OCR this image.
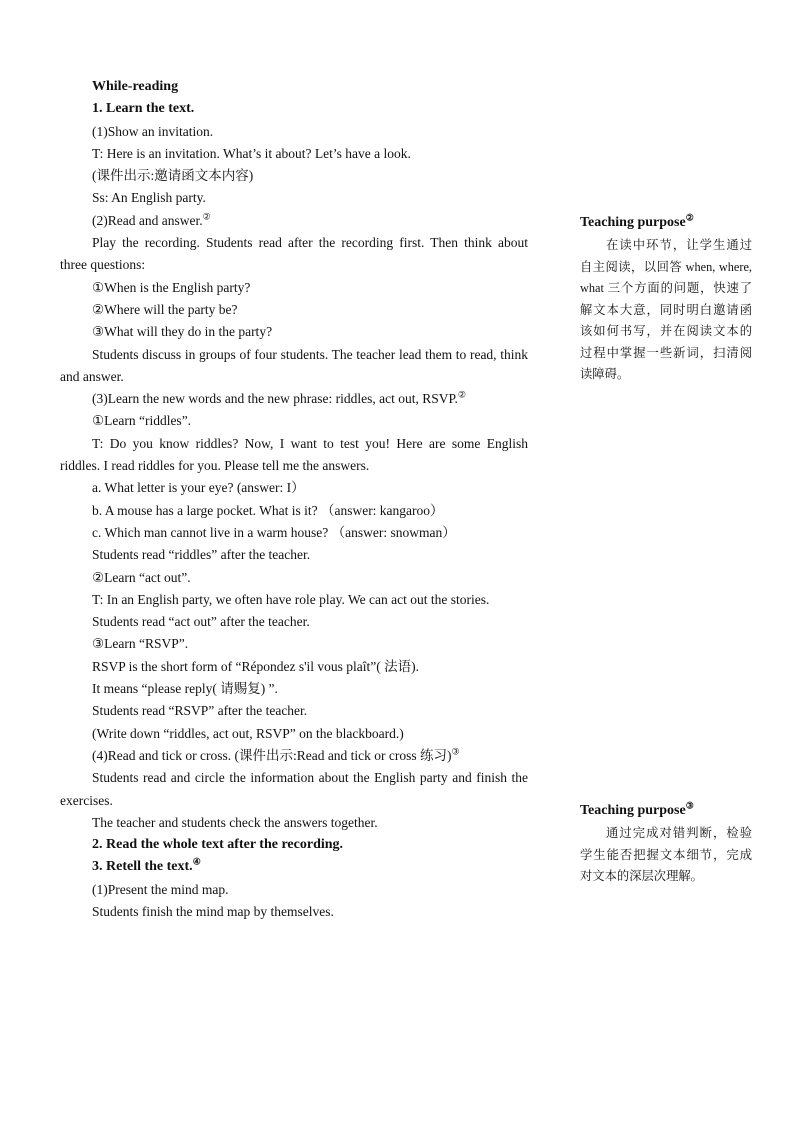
While-reading

1. Learn the text.

(1)Show an invitation.

T: Here is an invitation. What’s it about? Let’s have a look.

(课件出示:邀请函文本内容)

Ss: An English party.

(2)Read and answer.②

Play the recording. Students read after the recording first. Then think about three questions:

①When is the English party?

②Where will the party be?

③What will they do in the party?

Students discuss in groups of four students. The teacher lead them to read, think and answer.

(3)Learn the new words and the new phrase: riddles, act out, RSVP.②

①Learn “riddles”.

T: Do you know riddles? Now, I want to test you! Here are some English riddles. I read riddles for you. Please tell me the answers.

a. What letter is your eye? (answer: I）

b. A mouse has a large pocket. What is it? （answer: kangaroo）

c. Which man cannot live in a warm house? （answer: snowman）

Students read “riddles” after the teacher.

②Learn “act out”.

T: In an English party, we often have role play. We can act out the stories.

Students read “act out” after the teacher.

③Learn “RSVP”.

RSVP is the short form of “Répondez s'il vous plaît”( 法语).

It means “please reply( 请赐复) ”.

Students read “RSVP” after the teacher.

(Write down “riddles, act out, RSVP” on the blackboard.)

(4)Read and tick or cross. (课件出示:Read and tick or cross 练习)③

Students read and circle the information about the English party and finish the exercises.

The teacher and students check the answers together.

2. Read the whole text after the recording.

3. Retell the text.④

(1)Present the mind map.

Students finish the mind map by themselves.

Teaching purpose②

在读中环节，让学生通过自主阅读，以回答 when, where, what 三个方面的问题，快速了解文本大意，同时明白邀请函该如何书写，并在阅读文本的过程中掌握一些新词，扫清阅读障碍。

Teaching purpose③

通过完成对错判断，检验学生能否把握文本细节，完成对文本的深层次理解。
